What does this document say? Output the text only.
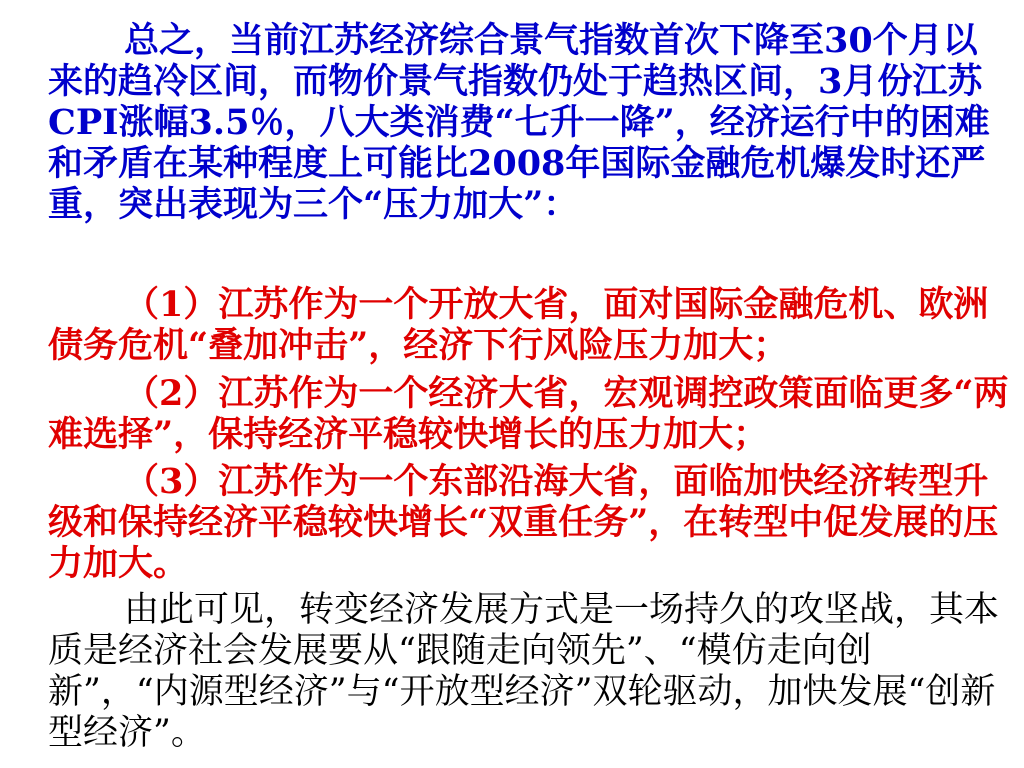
总之，当前江苏经济综合景气指数首次下降至30个月以来的趋冷区间，而物价景气指数仍处于趋热区间，3月份江苏CPI涨幅3.5％，八大类消费“七升一降”，经济运行中的困难和矛盾在某种程度上可能比2008年国际金融危机爆发时还严重，突出表现为三个“压力加大”：

（1）江苏作为一个开放大省，面对国际金融危机、欧洲债务危机“叠加冲击”，经济下行风险压力加大；

（2）江苏作为一个经济大省，宏观调控政策面临更多“两难选择”，保持经济平稳较快增长的压力加大；

（3）江苏作为一个东部沿海大省，面临加快经济转型升级和保持经济平稳较快增长“双重任务”，在转型中促发展的压力加大。

由此可见，转变经济发展方式是一场持久的攻坚战，其本质是经济社会发展要从“跟随走向领先”、“模仿走向创新”，“内源型经济”与“开放型经济”双轮驱动，加快发展“创新型经济”。
